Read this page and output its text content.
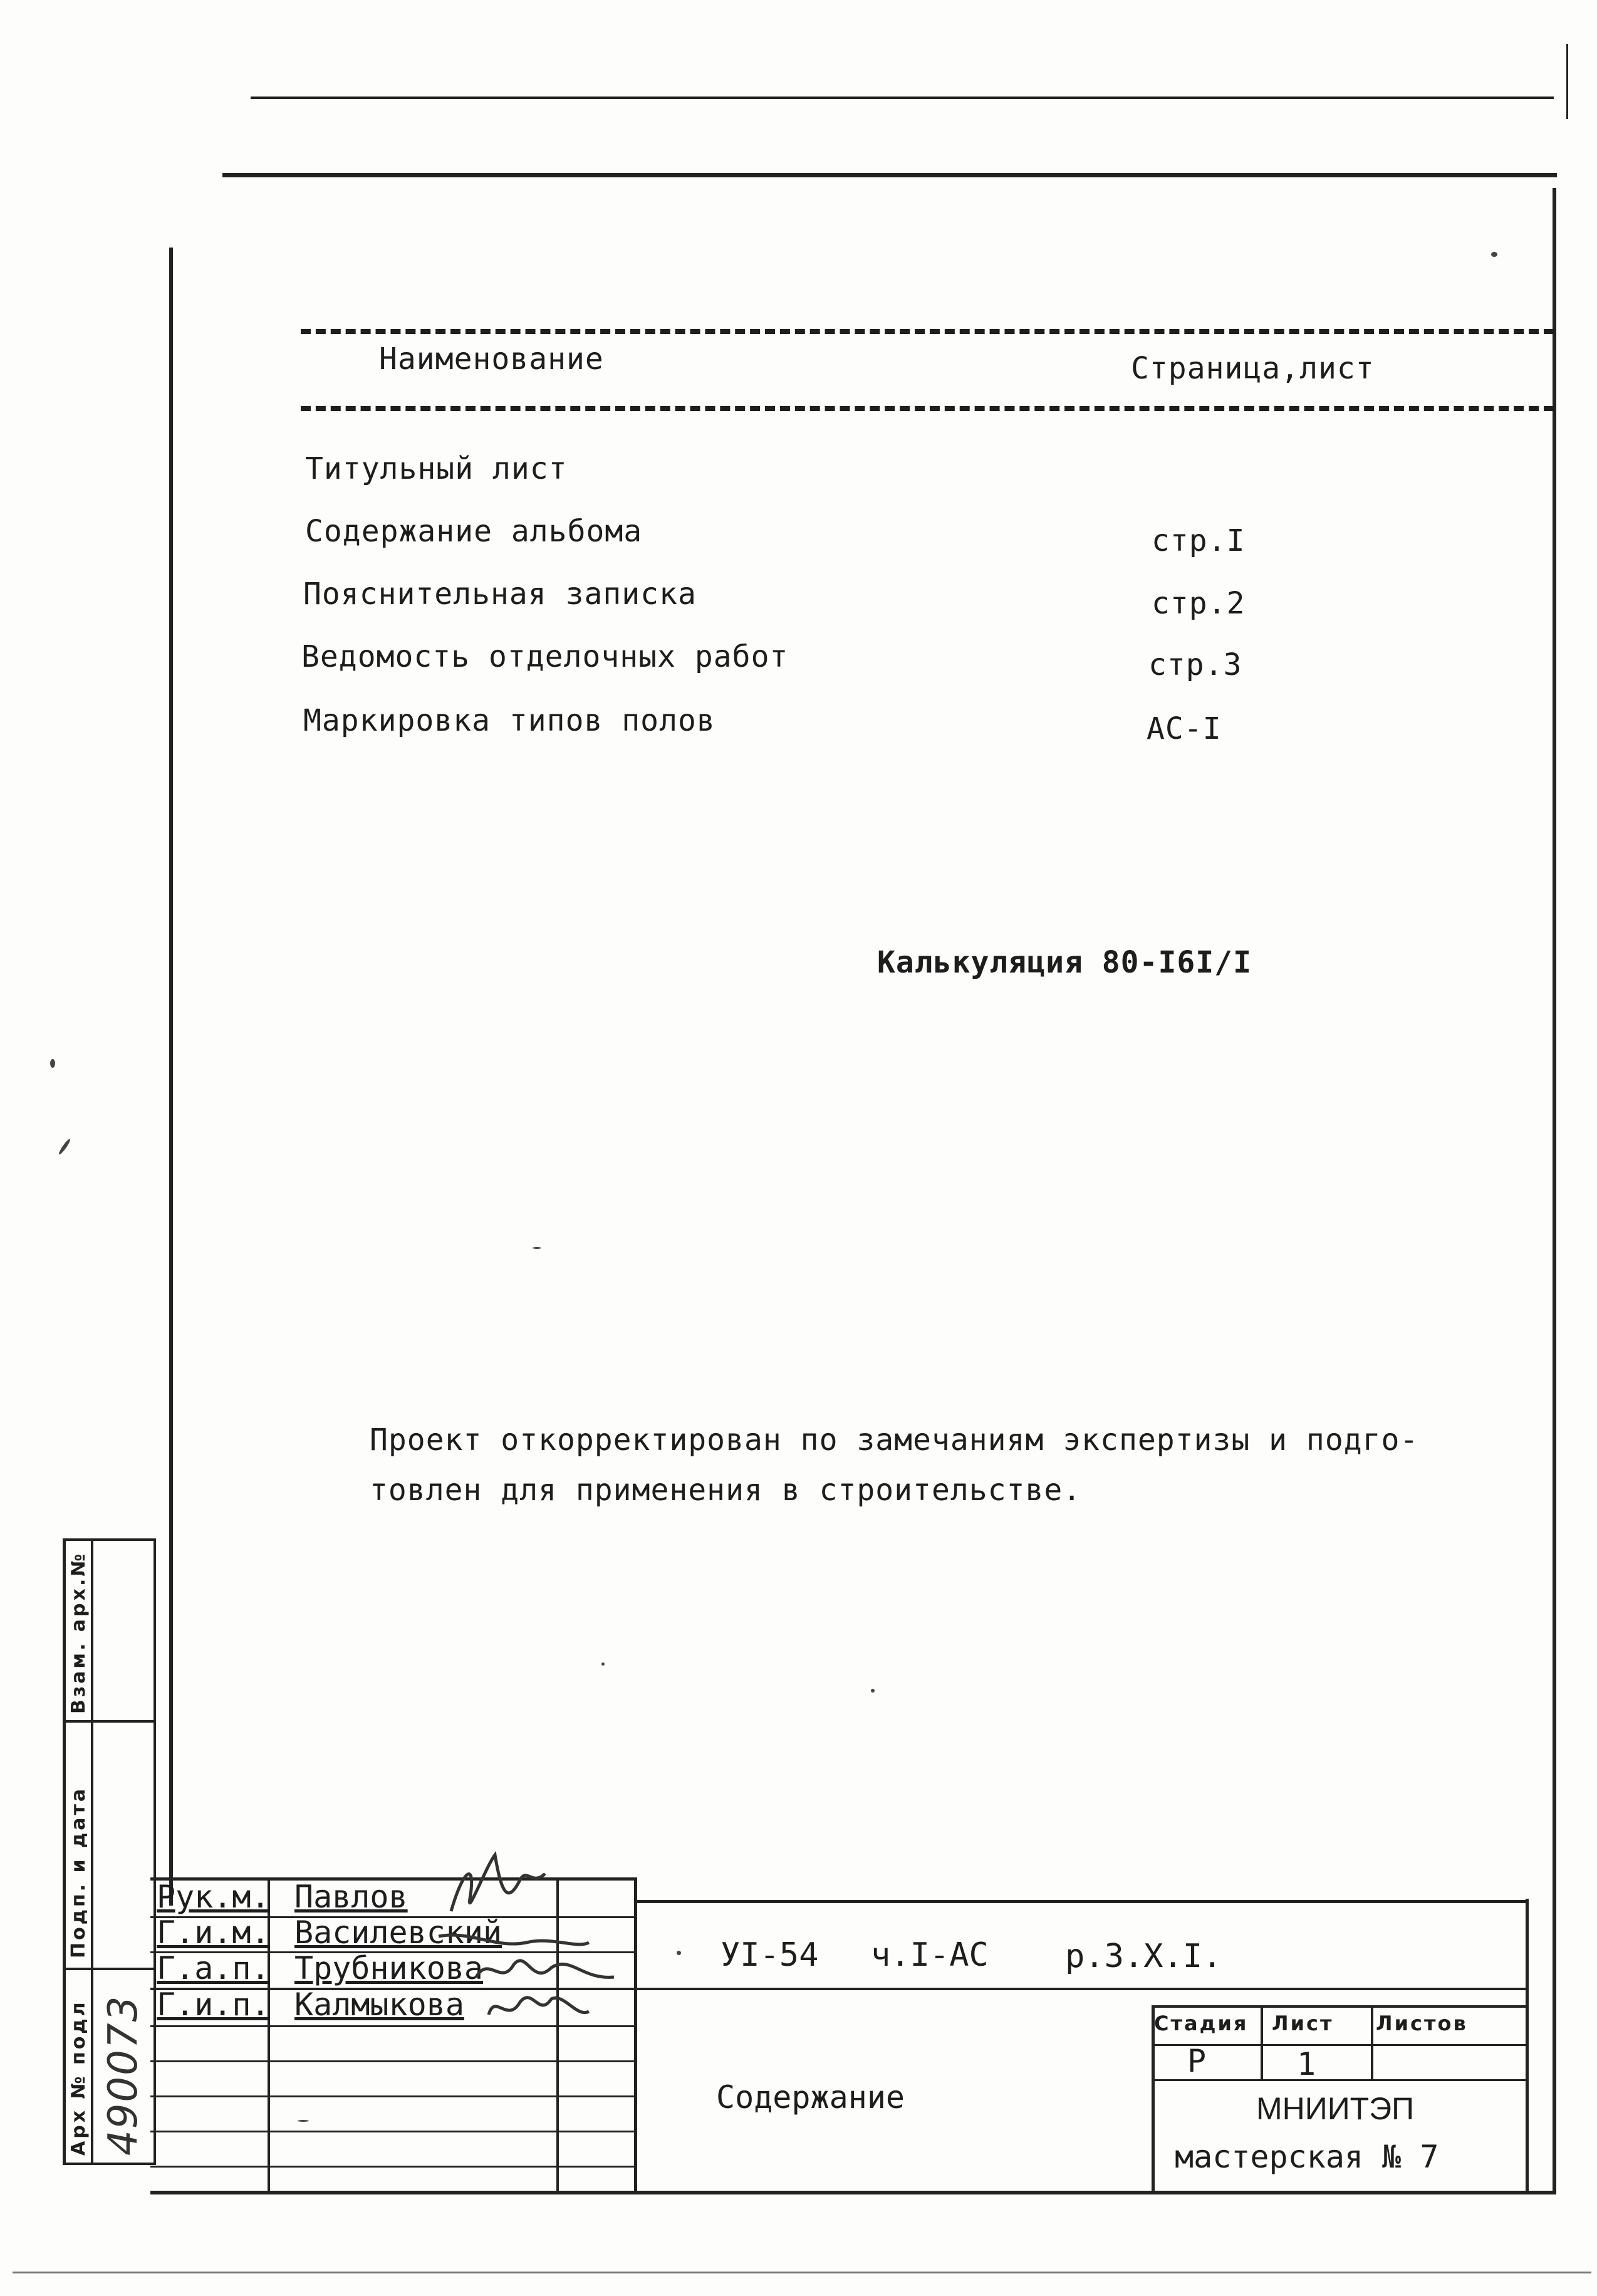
Наименование	Страница,лист
Титульный лист
Содержание альбома	стр.I
Пояснительная записка	стр.2
Ведомость отделочных работ	стр.3
Маркировка типов полов	АС-I
Калькуляция 80-I6I/I
Проект откорректирован по замечаниям экспертизы и подго-
товлен для применения в строительстве.
Арх № подл
Подп. и дата
Взам. арх.№
490073
Рук.м. Павлов
Г.и.м. Василевский
Г.а.п. Трубникова
Г.и.п. Калмыкова
УI-54 ч.I-АС р.3.Х.I.
Содержание
Стадия Лист Листов
Р	1
МНИИТЭП
мастерская № 7
